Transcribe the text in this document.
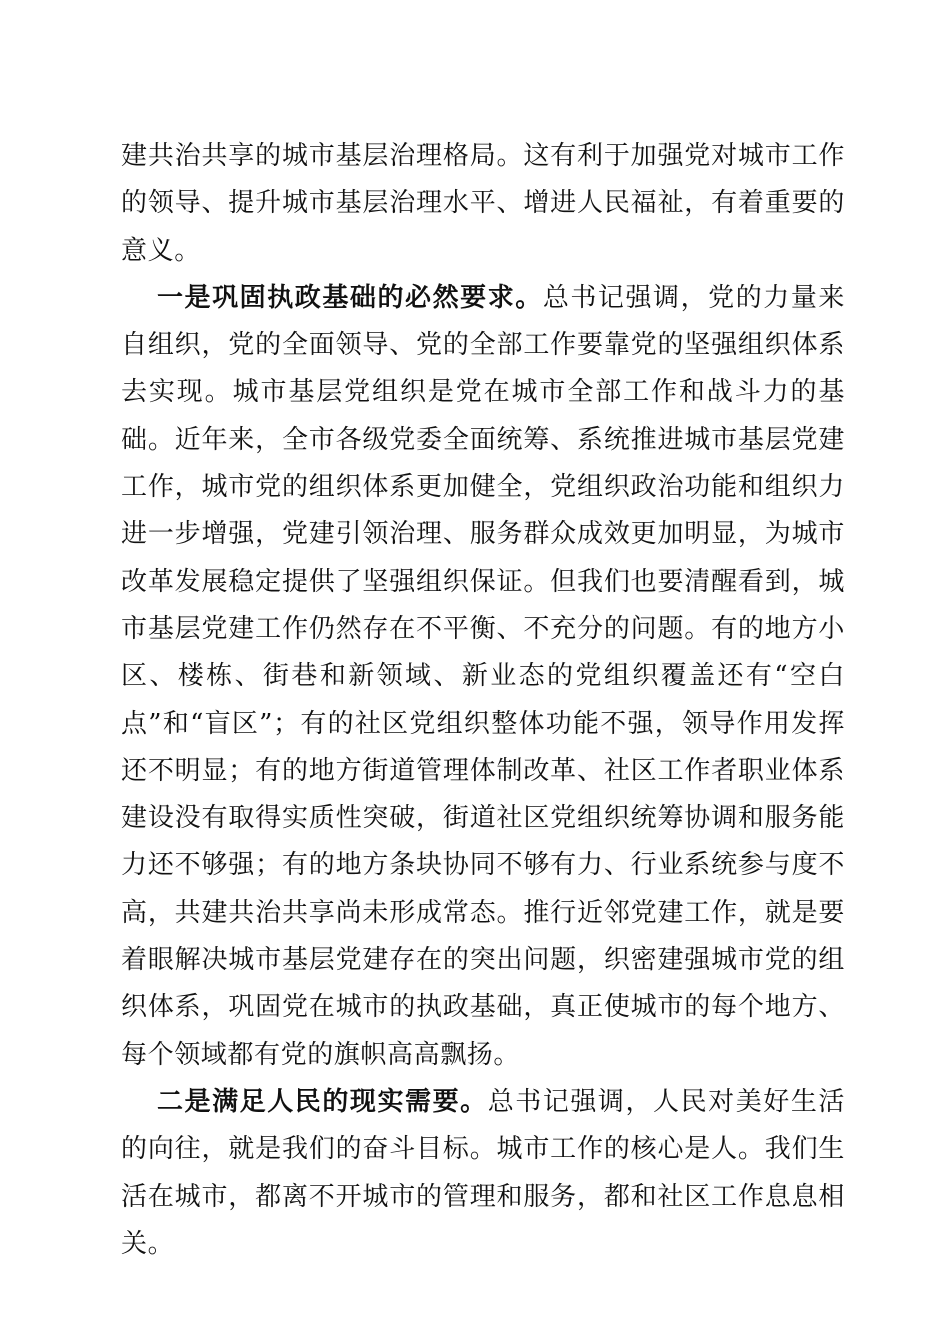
建共治共享的城市基层治理格局。这有利于加强党对城市工作的领导、提升城市基层治理水平、增进人民福祉，有着重要的意义。

一是巩固执政基础的必然要求。总书记强调，党的力量来自组织，党的全面领导、党的全部工作要靠党的坚强组织体系去实现。城市基层党组织是党在城市全部工作和战斗力的基础。近年来，全市各级党委全面统筹、系统推进城市基层党建工作，城市党的组织体系更加健全，党组织政治功能和组织力进一步增强，党建引领治理、服务群众成效更加明显，为城市改革发展稳定提供了坚强组织保证。但我们也要清醒看到，城市基层党建工作仍然存在不平衡、不充分的问题。有的地方小区、楼栋、街巷和新领域、新业态的党组织覆盖还有“空白点”和“盲区”；有的社区党组织整体功能不强，领导作用发挥还不明显；有的地方街道管理体制改革、社区工作者职业体系建设没有取得实质性突破，街道社区党组织统筹协调和服务能力还不够强；有的地方条块协同不够有力、行业系统参与度不高，共建共治共享尚未形成常态。推行近邻党建工作，就是要着眼解决城市基层党建存在的突出问题，织密建强城市党的组织体系，巩固党在城市的执政基础，真正使城市的每个地方、每个领域都有党的旗帜高高飘扬。

二是满足人民的现实需要。总书记强调，人民对美好生活的向往，就是我们的奋斗目标。城市工作的核心是人。我们生活在城市，都离不开城市的管理和服务，都和社区工作息息相关。
